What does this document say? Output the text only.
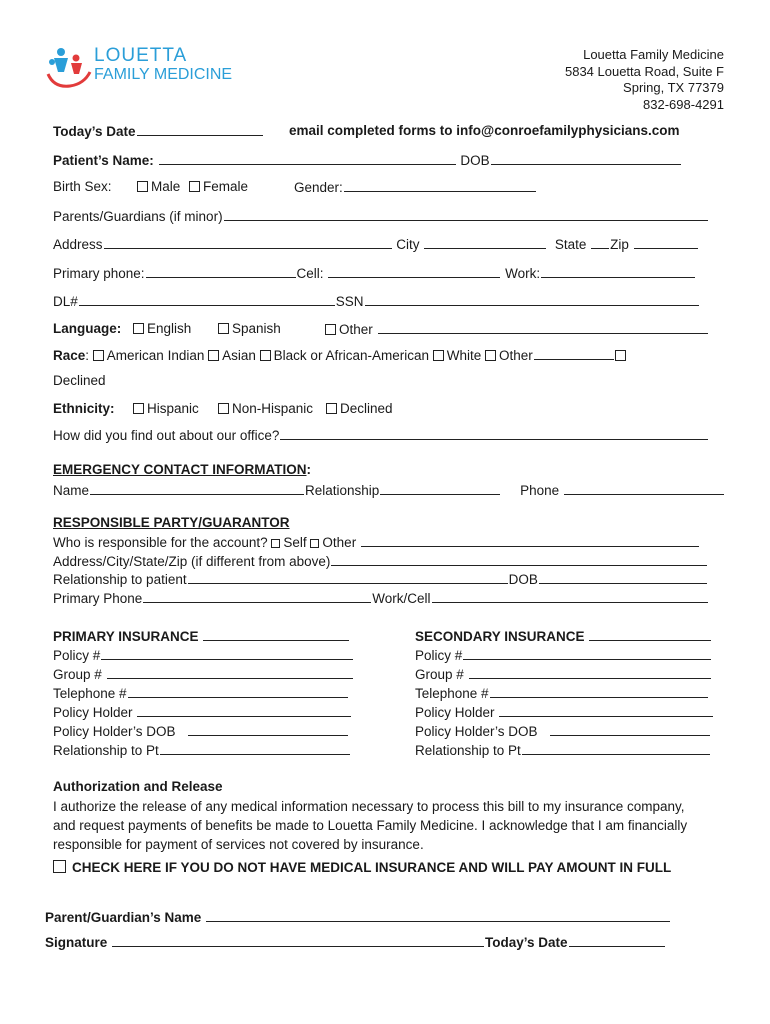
LOUETTA
FAMILY MEDICINE
Louetta Family Medicine
5834 Louetta Road, Suite F
Spring, TX 77379
832-698-4291
Today’s Date	email completed forms to info@conroefamilyphysicians.com
Patient’s Name:	DOB
Birth Sex:	Male	Female	Gender:
Parents/Guardians (if minor)
Address	City	State Zip
Primary phone:	Cell:	Work:
DL#	SSN
Language:	English	Spanish	Other
Race: American Indian Asian Black or African-American White Other
Declined
Ethnicity:	Hispanic	Non-Hispanic	Declined
How did you find out about our office?
EMERGENCY CONTACT INFORMATION:
Name	Relationship	Phone
RESPONSIBLE PARTY/GUARANTOR
Who is responsible for the account? Self Other
Address/City/State/Zip (if different from above)
Relationship to patient	DOB
Primary Phone	Work/Cell
PRIMARY INSURANCE
Policy #
Group #
Telephone #
Policy Holder
Policy Holder’s DOB
Relationship to Pt
SECONDARY INSURANCE
Policy #
Group #
Telephone #
Policy Holder
Policy Holder’s DOB
Relationship to Pt
Authorization and Release
I authorize the release of any medical information necessary to process this bill to my insurance company,
and request payments of benefits be made to Louetta Family Medicine. I acknowledge that I am financially
responsible for payment of services not covered by insurance.
CHECK HERE IF YOU DO NOT HAVE MEDICAL INSURANCE AND WILL PAY AMOUNT IN FULL
Parent/Guardian’s Name
Signature	Today’s Date
